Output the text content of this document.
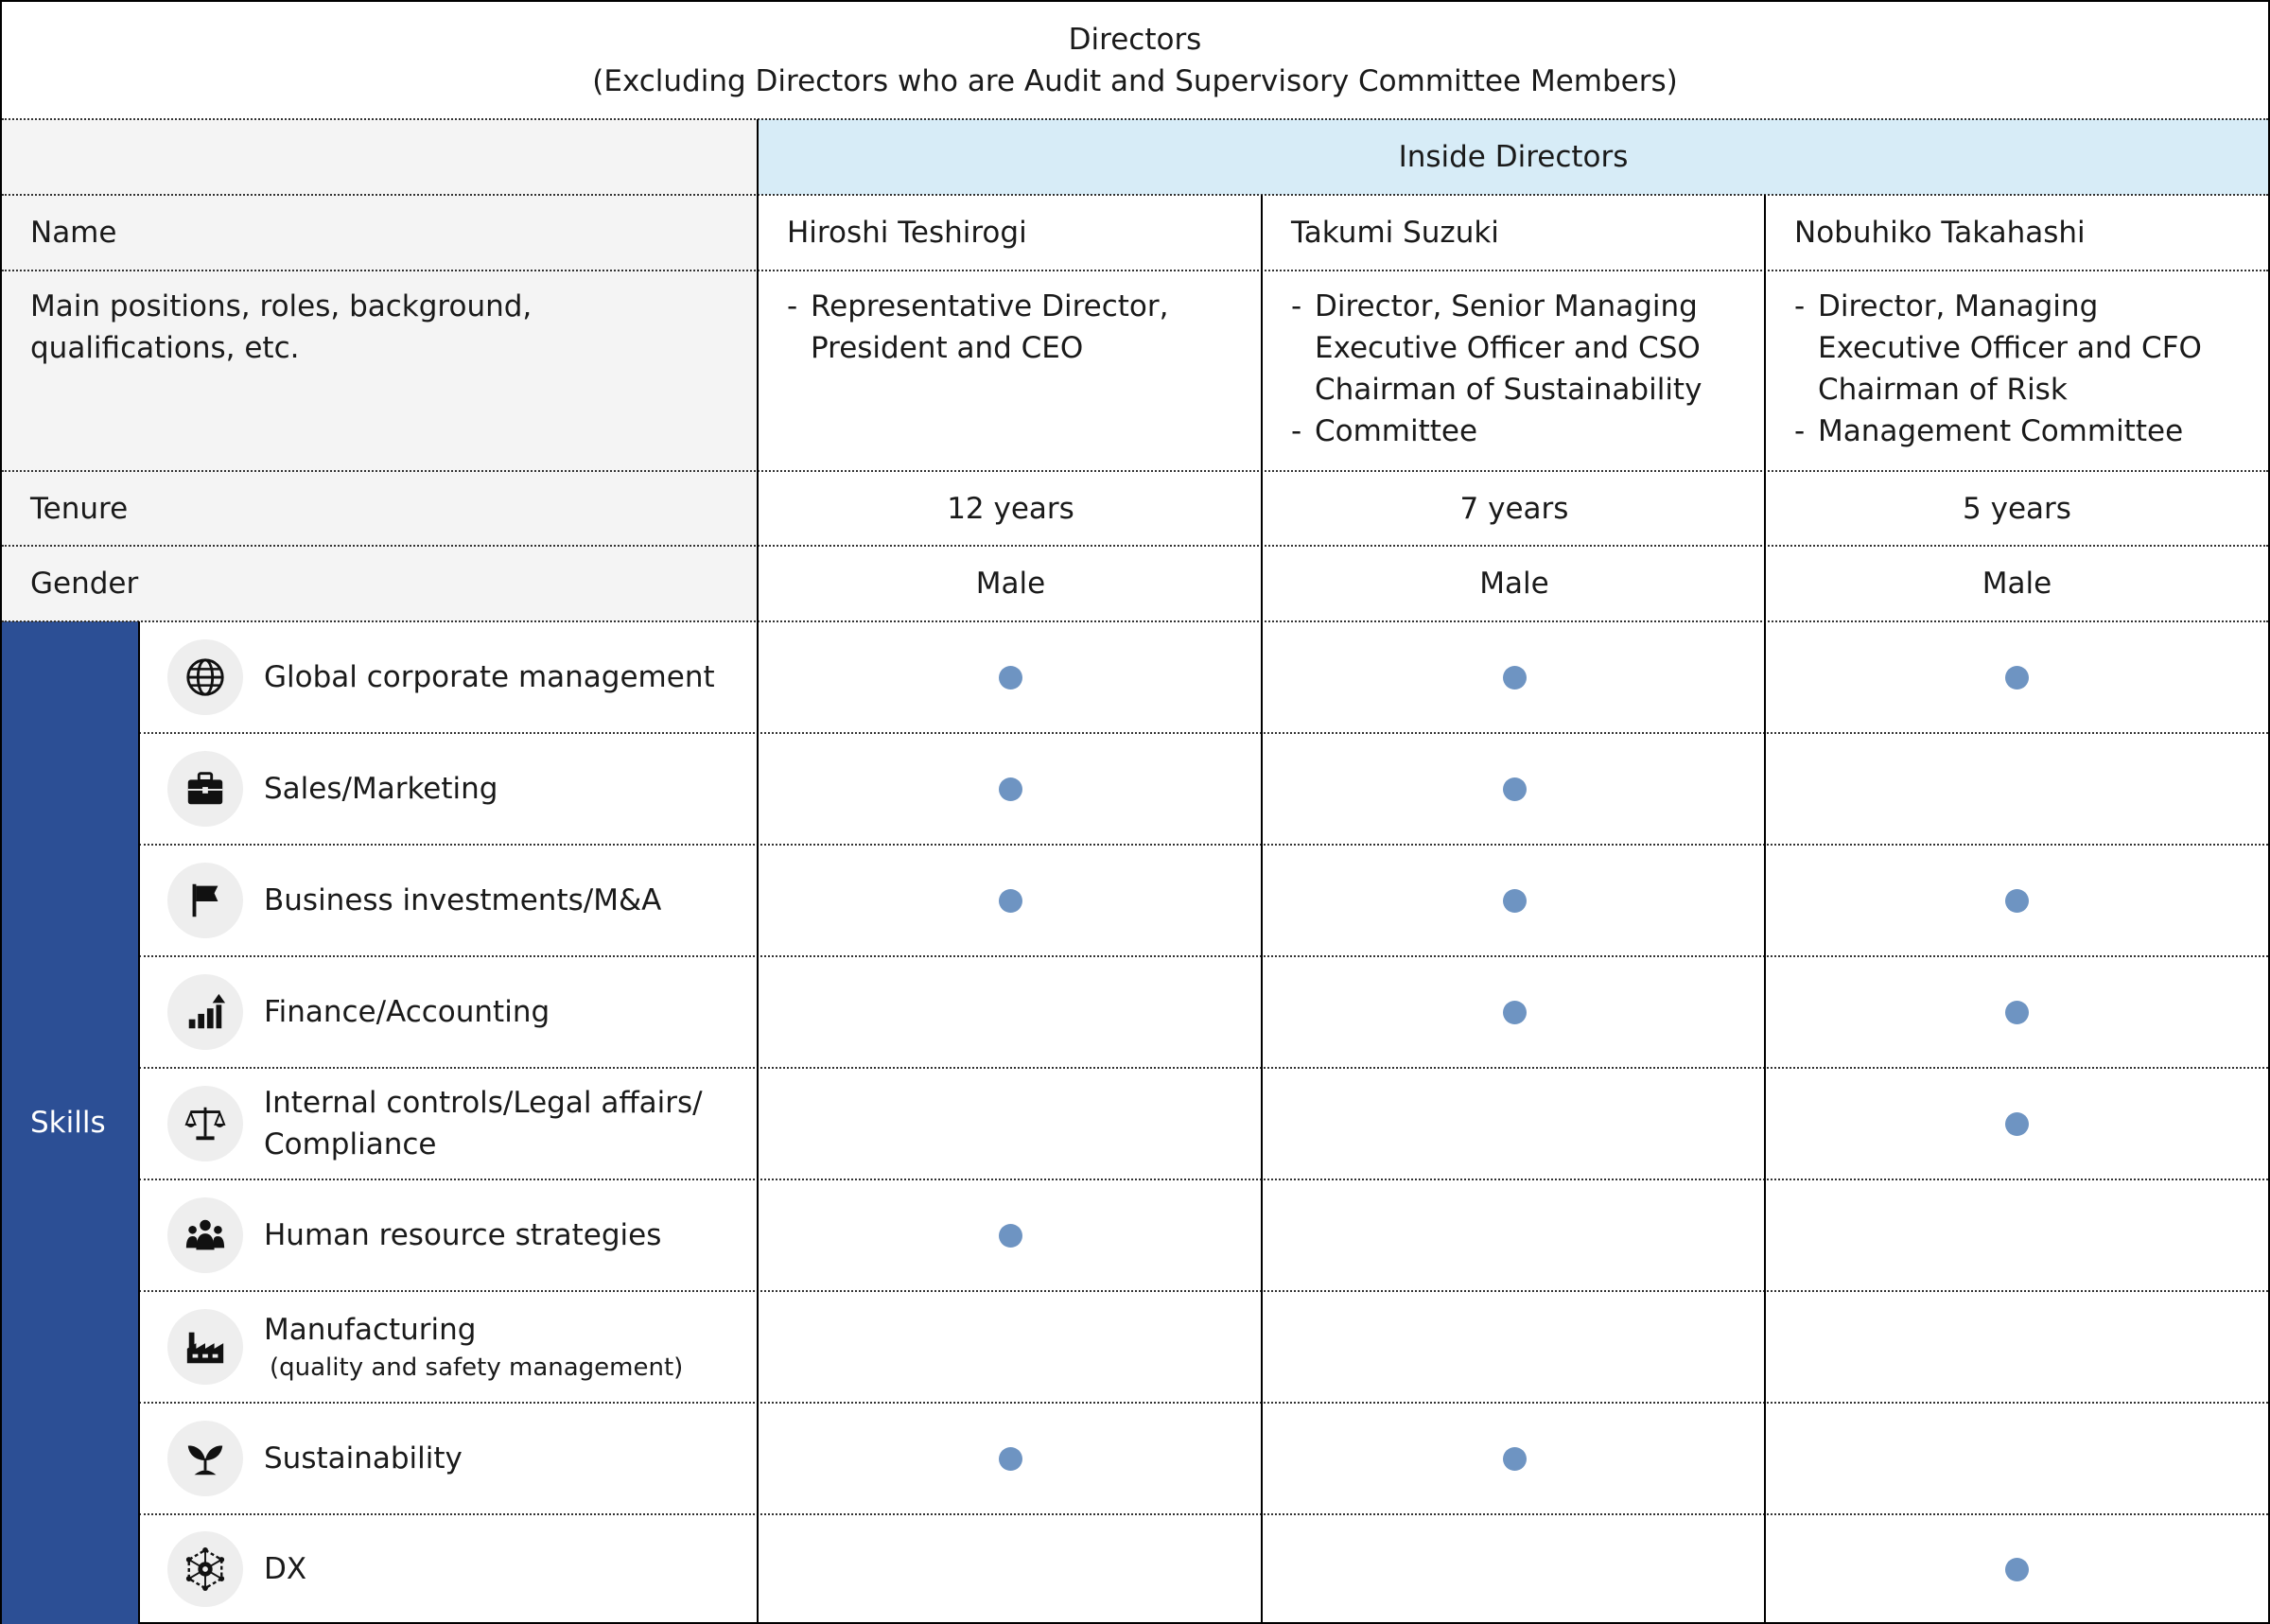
Directors
(Excluding Directors who are Audit and Supervisory Committee Members)
Inside Directors
Name
Main positions, roles, background, qualifications, etc.
Tenure
Gender
Skills
Hiroshi Teshirogi
- Representative Director, President and CEO
12 years
Male
Takumi Suzuki
- Director, Senior Managing Executive Officer and CSO Chairman of Sustainability
- Committee
7 years
Male
Nobuhiko Takahashi
- Director, Managing Executive Officer and CFO Chairman of Risk
- Management Committee
5 years
Male
Global corporate management
Sales/Marketing
Business investments/M&A
Finance/Accounting
Internal controls/Legal affairs/ Compliance
Human resource strategies
Manufacturing
(quality and safety management)
Sustainability
DX
